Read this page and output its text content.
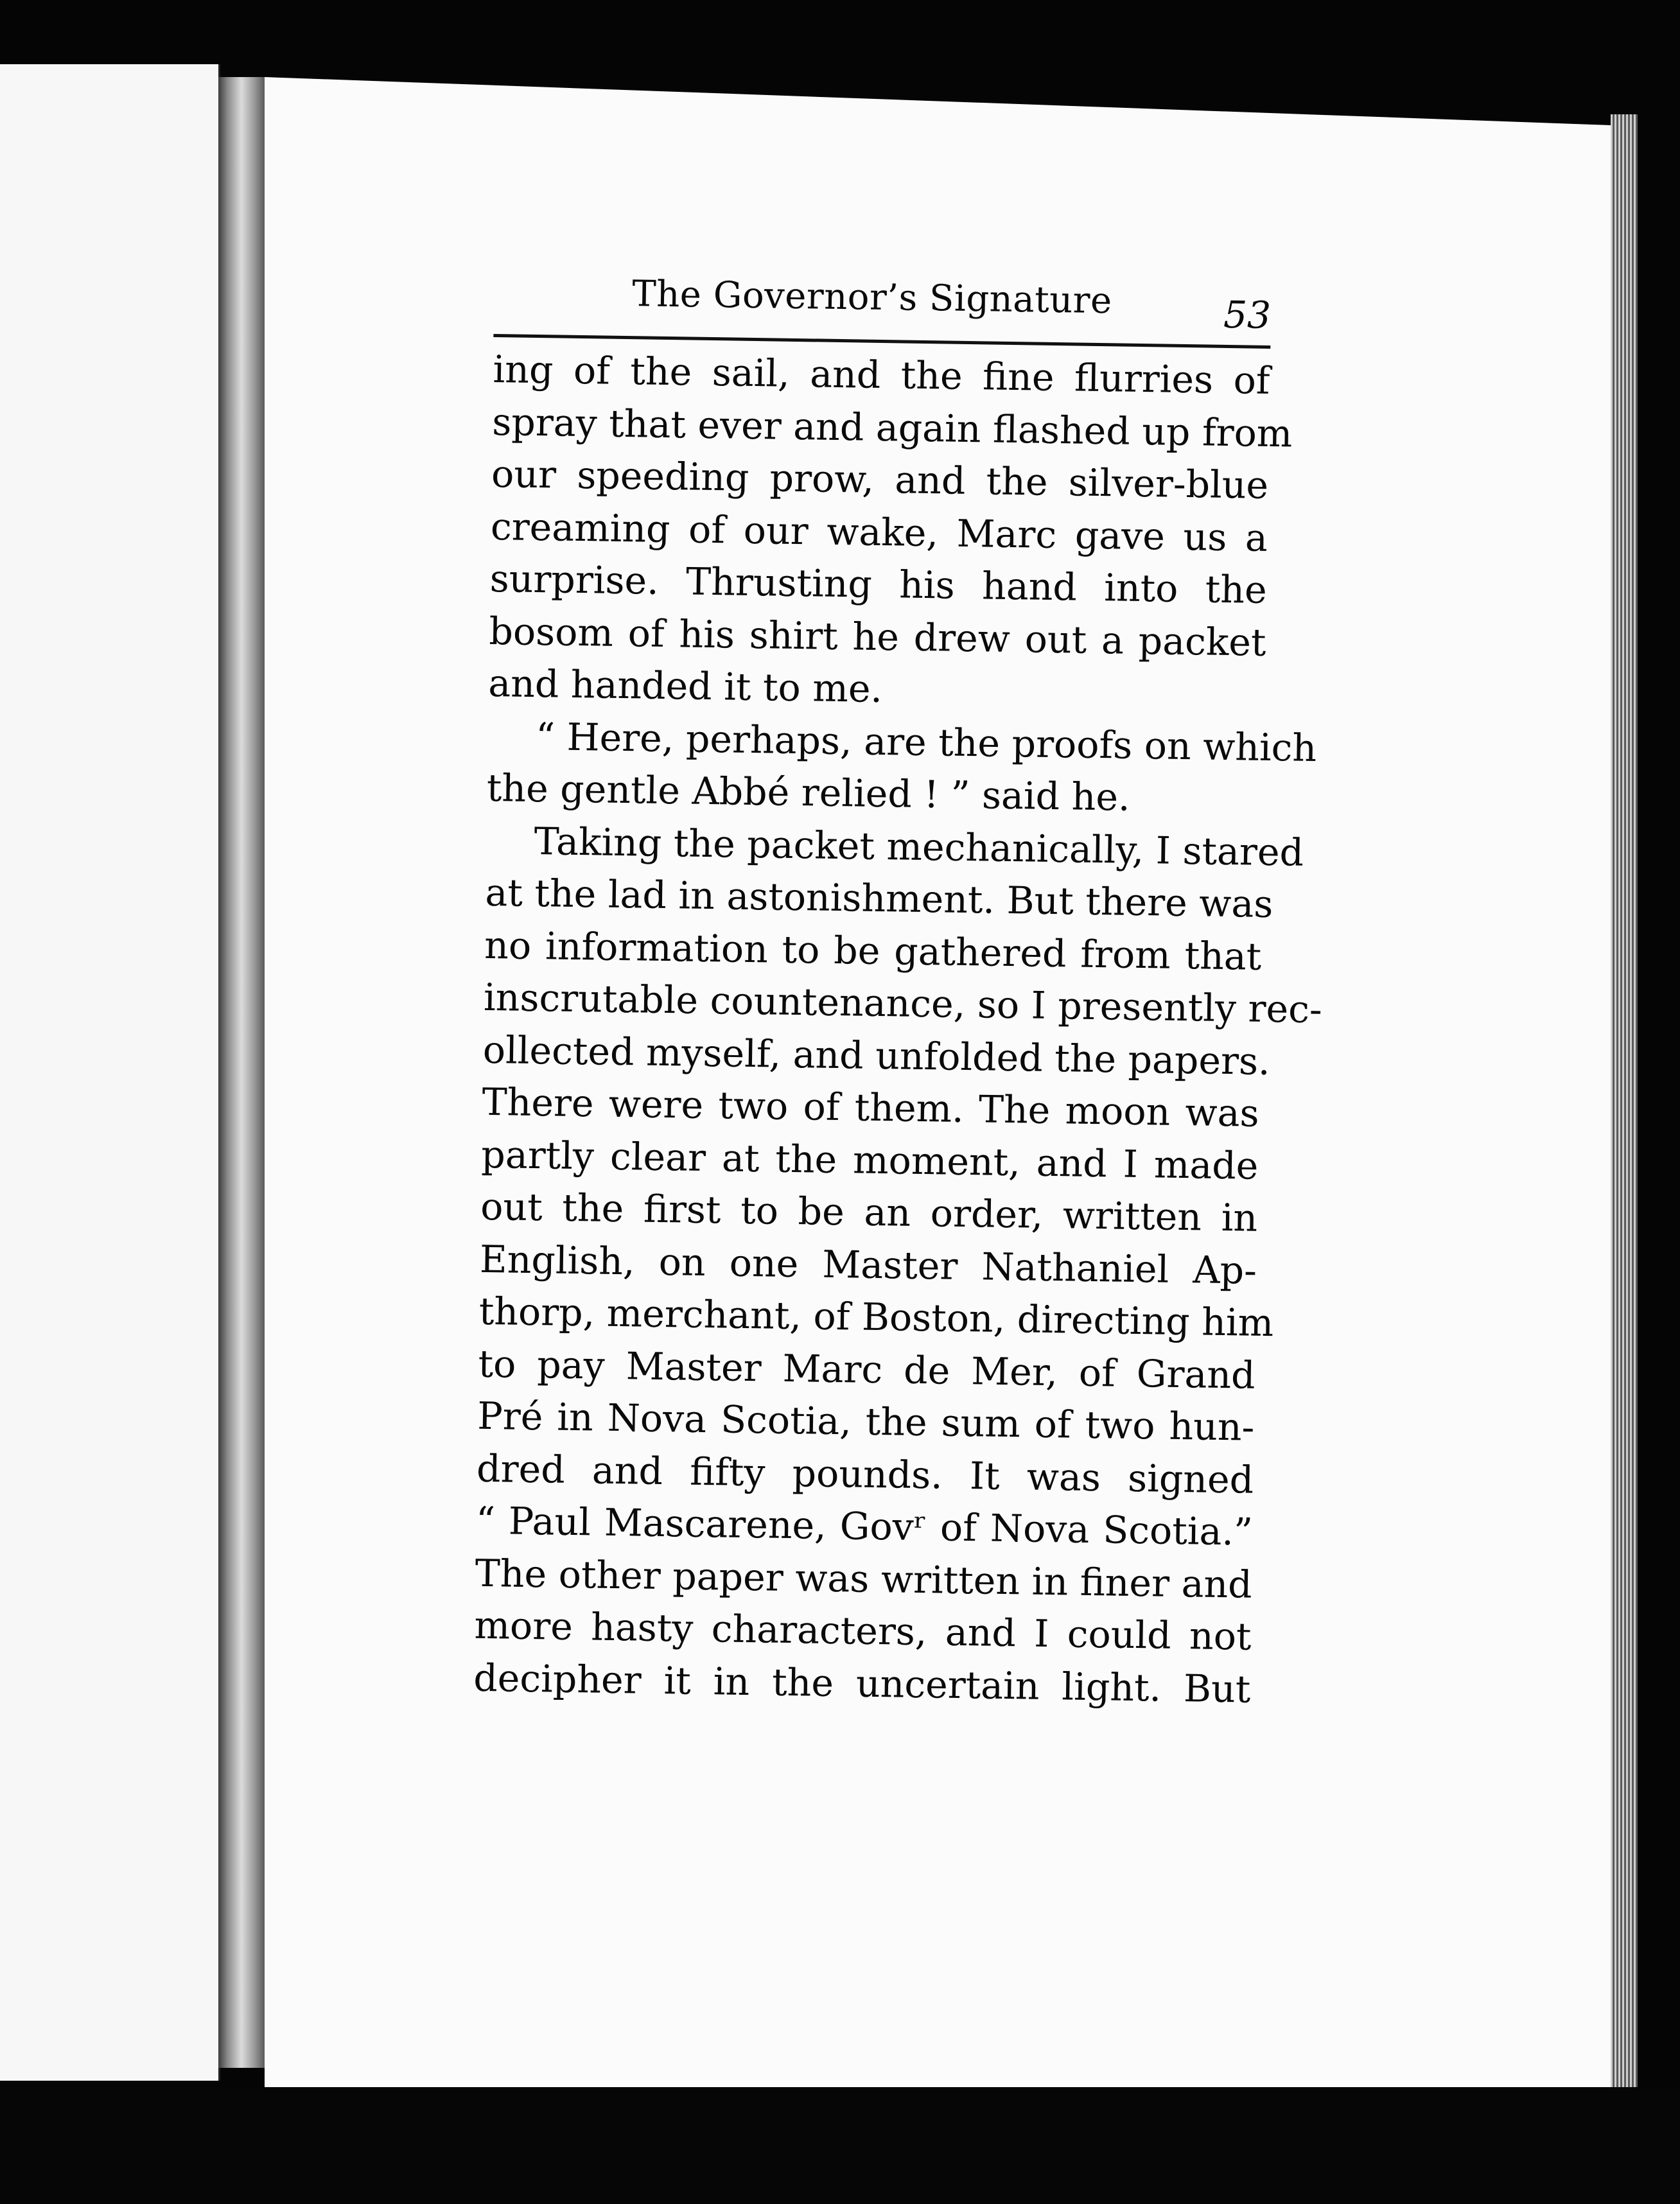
The Governor’s Signature	53
ing of the sail, and the fine flurries of
spray that ever and again flashed up from
our speeding prow, and the silver-blue
creaming of our wake, Marc gave us a
surprise. Thrusting his hand into the
bosom of his shirt he drew out a packet
and handed it to me.
“ Here, perhaps, are the proofs on which
the gentle Abbé relied ! ” said he.
Taking the packet mechanically, I stared
at the lad in astonishment. But there was
no information to be gathered from that
inscrutable countenance, so I presently rec-
ollected myself, and unfolded the papers.
There were two of them. The moon was
partly clear at the moment, and I made
out the first to be an order, written in
English, on one Master Nathaniel Ap-
thorp, merchant, of Boston, directing him
to pay Master Marc de Mer, of Grand
Pré in Nova Scotia, the sum of two hun-
dred and fifty pounds. It was signed
“ Paul Mascarene, Govʳ of Nova Scotia.”
The other paper was written in finer and
more hasty characters, and I could not
decipher it in the uncertain light. But
